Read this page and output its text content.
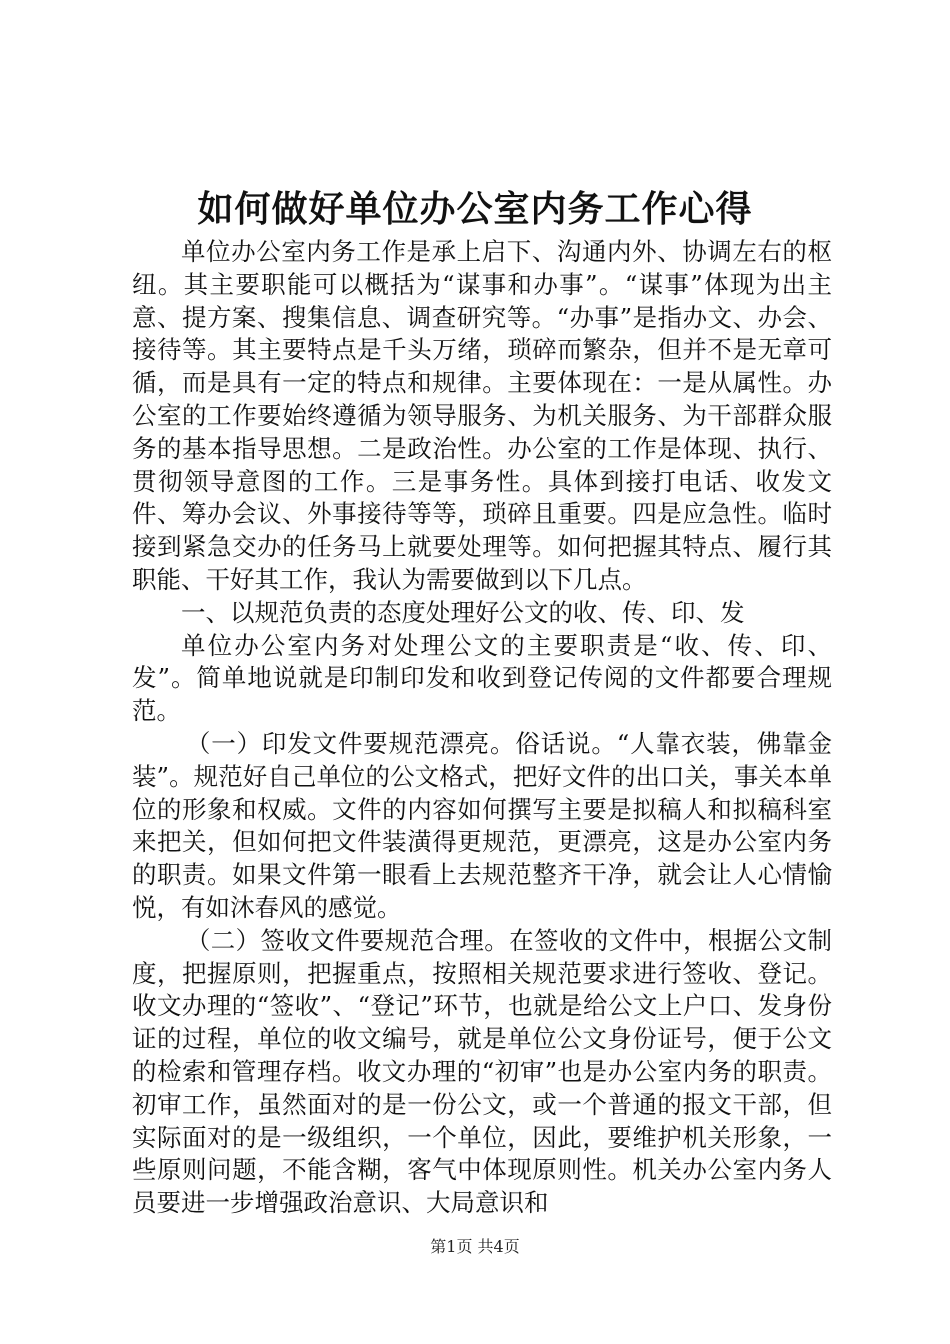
如何做好单位办公室内务工作心得

单位办公室内务工作是承上启下、沟通内外、协调左右的枢纽。其主要职能可以概括为“谋事和办事”。“谋事”体现为出主意、提方案、搜集信息、调查研究等。“办事”是指办文、办会、接待等。其主要特点是千头万绪，琐碎而繁杂，但并不是无章可循，而是具有一定的特点和规律。主要体现在：一是从属性。办公室的工作要始终遵循为领导服务、为机关服务、为干部群众服务的基本指导思想。二是政治性。办公室的工作是体现、执行、贯彻领导意图的工作。三是事务性。具体到接打电话、收发文件、筹办会议、外事接待等等，琐碎且重要。四是应急性。临时接到紧急交办的任务马上就要处理等。如何把握其特点、履行其职能、干好其工作，我认为需要做到以下几点。

一、以规范负责的态度处理好公文的收、传、印、发

单位办公室内务对处理公文的主要职责是“收、传、印、发”。简单地说就是印制印发和收到登记传阅的文件都要合理规范。

（一）印发文件要规范漂亮。俗话说。“人靠衣装，佛靠金装”。规范好自己单位的公文格式，把好文件的出口关，事关本单位的形象和权威。文件的内容如何撰写主要是拟稿人和拟稿科室来把关，但如何把文件装潢得更规范，更漂亮，这是办公室内务的职责。如果文件第一眼看上去规范整齐干净，就会让人心情愉悦，有如沐春风的感觉。

（二）签收文件要规范合理。在签收的文件中，根据公文制度，把握原则，把握重点，按照相关规范要求进行签收、登记。收文办理的“签收”、“登记”环节，也就是给公文上户口、发身份证的过程，单位的收文编号，就是单位公文身份证号，便于公文的检索和管理存档。收文办理的“初审”也是办公室内务的职责。初审工作，虽然面对的是一份公文，或一个普通的报文干部，但实际面对的是一级组织，一个单位，因此，要维护机关形象，一些原则问题，不能含糊，客气中体现原则性。机关办公室内务人员要进一步增强政治意识、大局意识和

第1页 共4页
